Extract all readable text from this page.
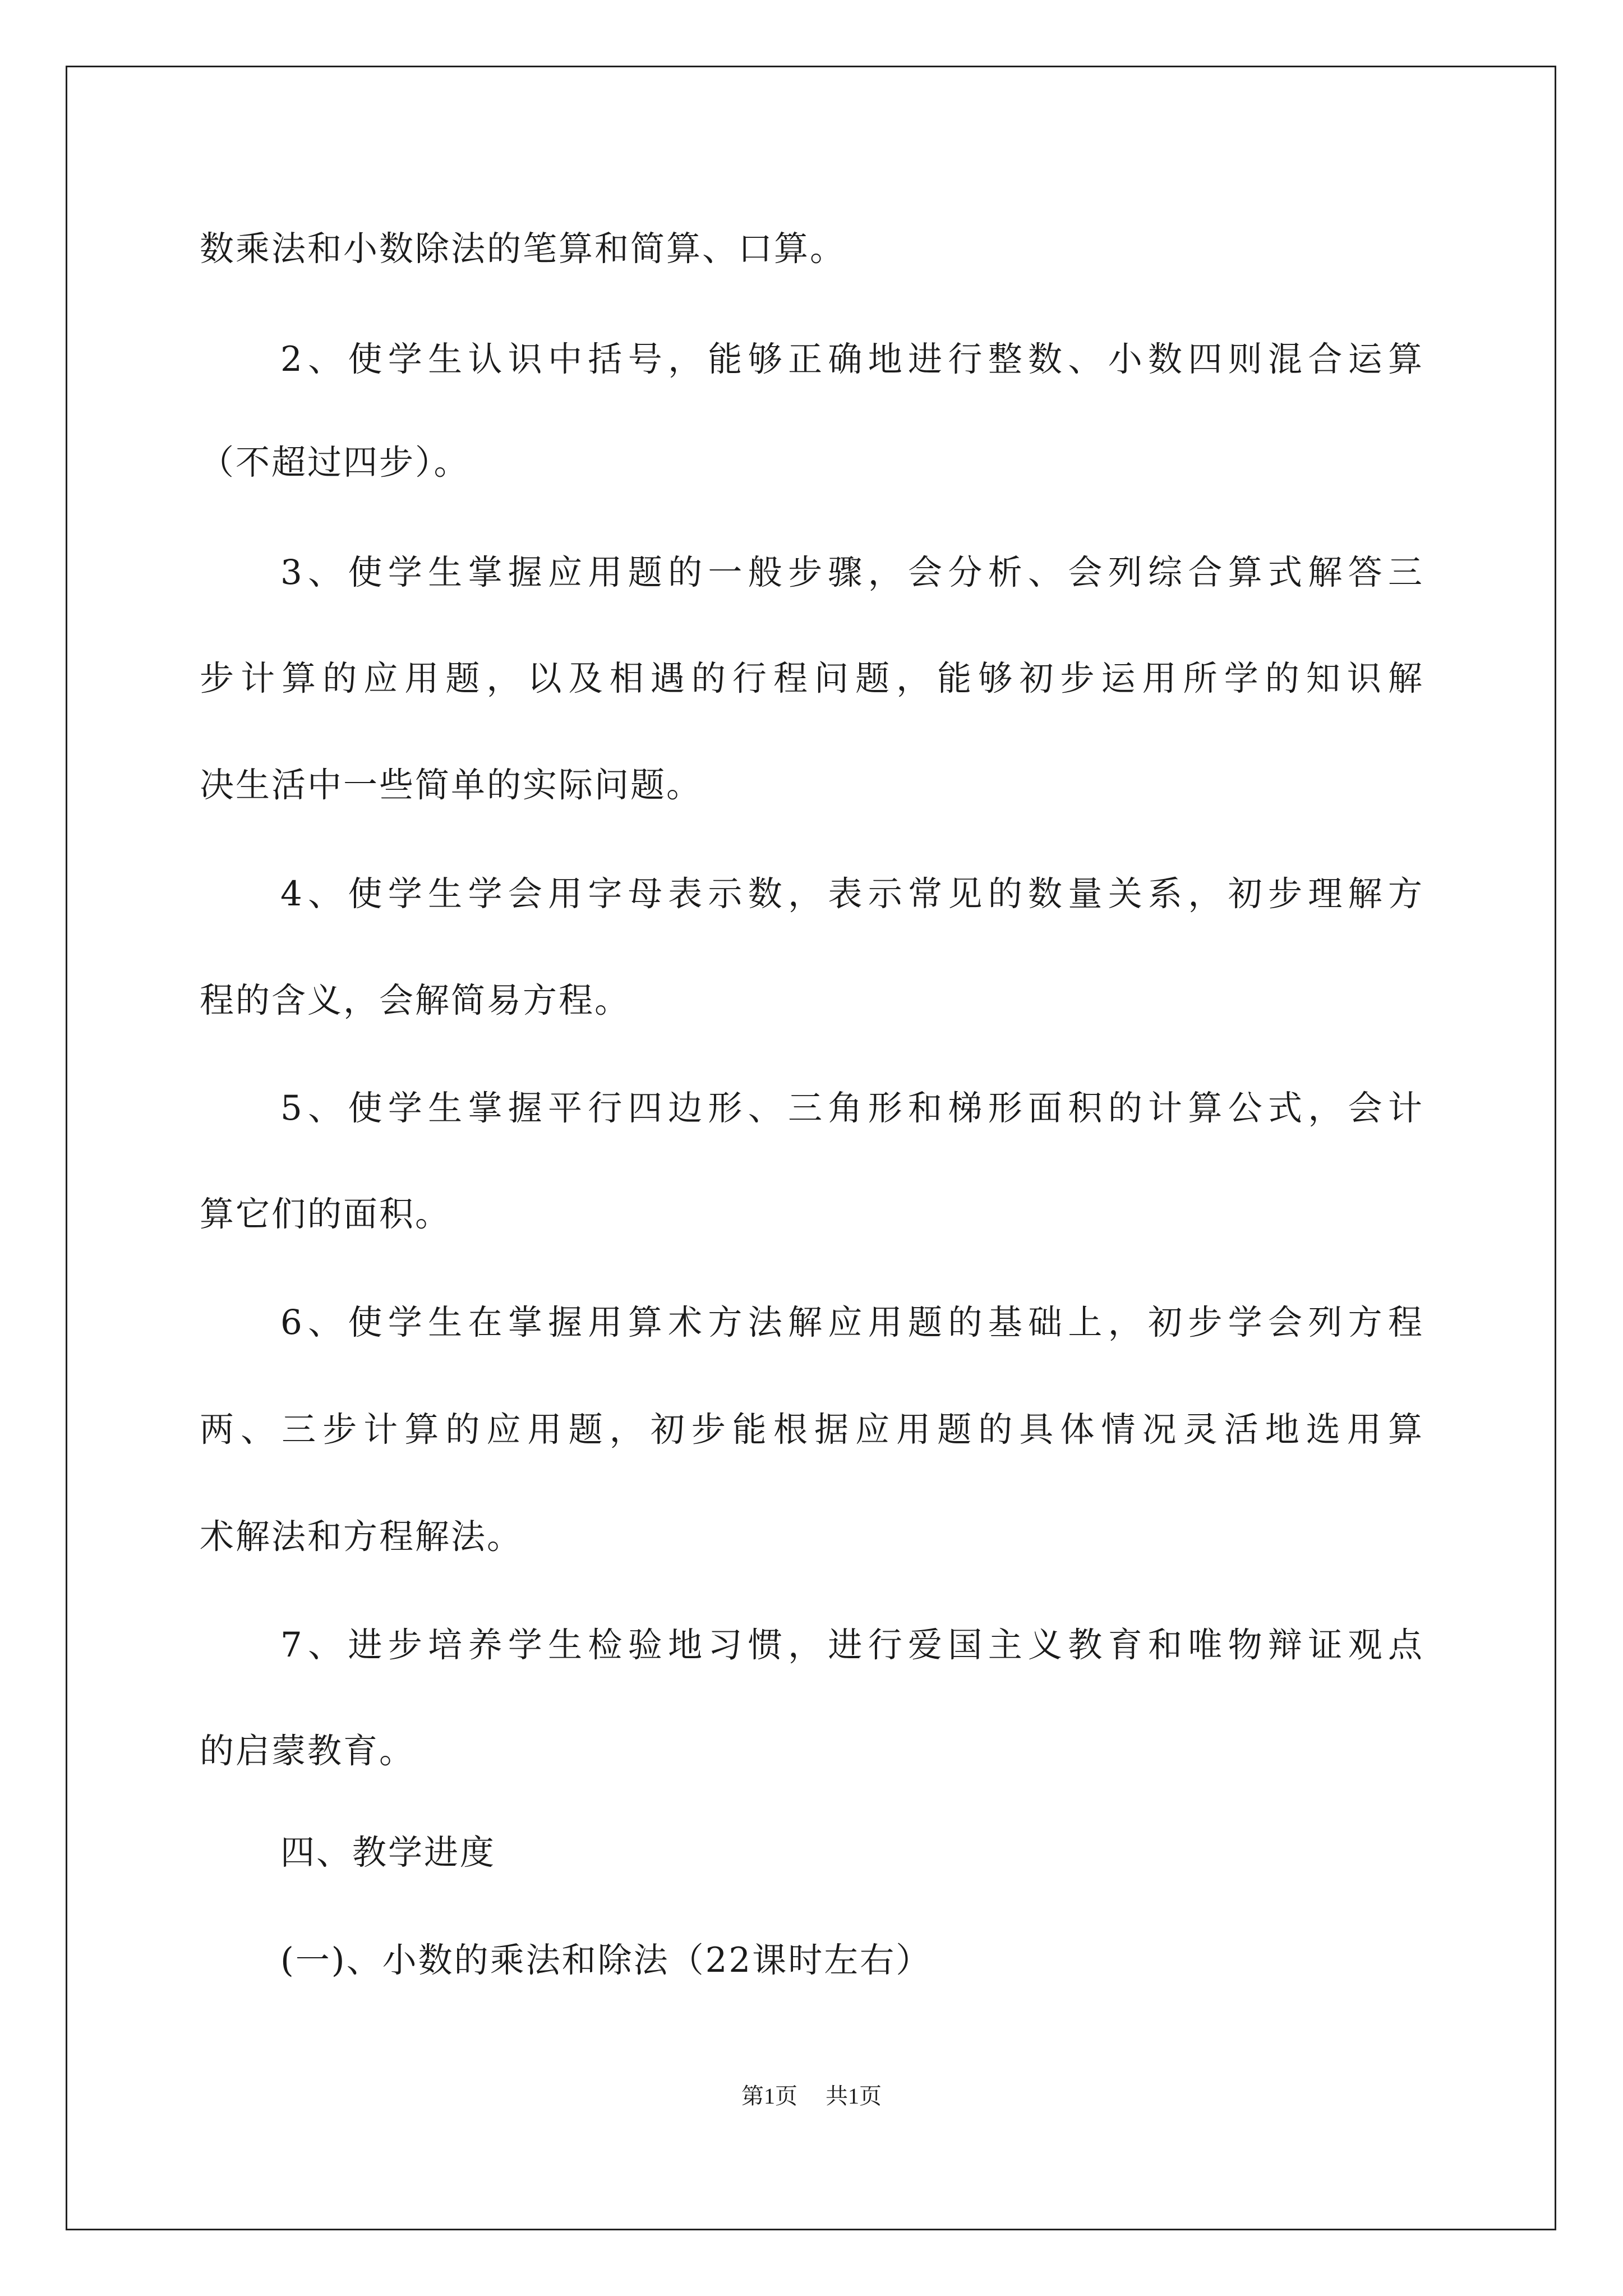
数乘法和小数除法的笔算和简算、口算。
2、使学生认识中括号，能够正确地进行整数、小数四则混合运算
（不超过四步）。
3、使学生掌握应用题的一般步骤，会分析、会列综合算式解答三
步计算的应用题，以及相遇的行程问题，能够初步运用所学的知识解
决生活中一些简单的实际问题。
4、使学生学会用字母表示数，表示常见的数量关系，初步理解方
程的含义，会解简易方程。
5、使学生掌握平行四边形、三角形和梯形面积的计算公式，会计
算它们的面积。
6、使学生在掌握用算术方法解应用题的基础上，初步学会列方程
两、三步计算的应用题，初步能根据应用题的具体情况灵活地选用算
术解法和方程解法。
7、进步培养学生检验地习惯，进行爱国主义教育和唯物辩证观点
的启蒙教育。
四、教学进度
(一)、小数的乘法和除法（22课时左右）
第1页 共1页
